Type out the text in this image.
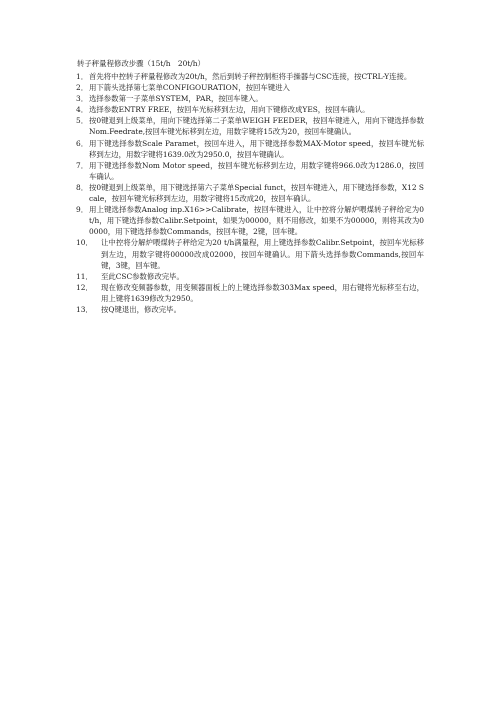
转子秤量程修改步骤（15t/h　20t/h）
1． 首先将中控转子秤量程修改为20t/h，然后到转子秤控制柜将手操器与CSC连接，按CTRL-Y连接。
2． 用下箭头选择第七菜单CONFIGOURATION，按回车键进入
3． 选择参数第一子菜单SYSTEM，PAR，按回车键入。
4． 选择参数ENTRY FREE，按回车光标移到左边，用向下键修改成YES，按回车确认。
5． 按0键退到上级菜单，用向下键选择第二子菜单WEIGH FEEDER，按回车键进入，用向下键选择参数Nom.Feedrate,按回车键光标移到左边，用数字键将15改为20，按回车键确认。
6． 用下键选择参数Scale Paramet，按回车进入，用下键选择参数MAX-Motor speed，按回车键光标移到左边，用数字键将1639.0改为2950.0，按回车键确认。
7． 用下键选择参数Nom Motor speed，按回车键光标移到左边，用数字键将966.0改为1286.0，按回车确认。
8． 按0键退到上级菜单，用下键选择第六子菜单Special funct，按回车键进入，用下键选择参数，X12 Scale，按回车键光标移到左边，用数字键将15改成20，按回车确认。
9． 用上键选择参数Analog inp.X16>>Calibrate，按回车键进入，让中控将分解炉喂煤转子秤给定为0 t/h，用下键选择参数Calibr.Setpoint，如果为00000，则不用修改，如果不为00000，则将其改为00000，用下键选择参数Commands，按回车键，2键，回车键。
10．	让中控将分解炉喂煤转子秤给定为20 t/h满量程，用上键选择参数Calibr.Setpoint，按回车光标移到左边，用数字键将00000改成02000，按回车键确认。用下箭头选择参数Commands,按回车键，3键，回车键。
11．	至此CSC参数修改完毕。
12．	现在修改变频器参数，用变频器面板上的上键选择参数303Max speed，用右键将光标移至右边，用上键将1639修改为2950。
13．	按Q键退出，修改完毕。
